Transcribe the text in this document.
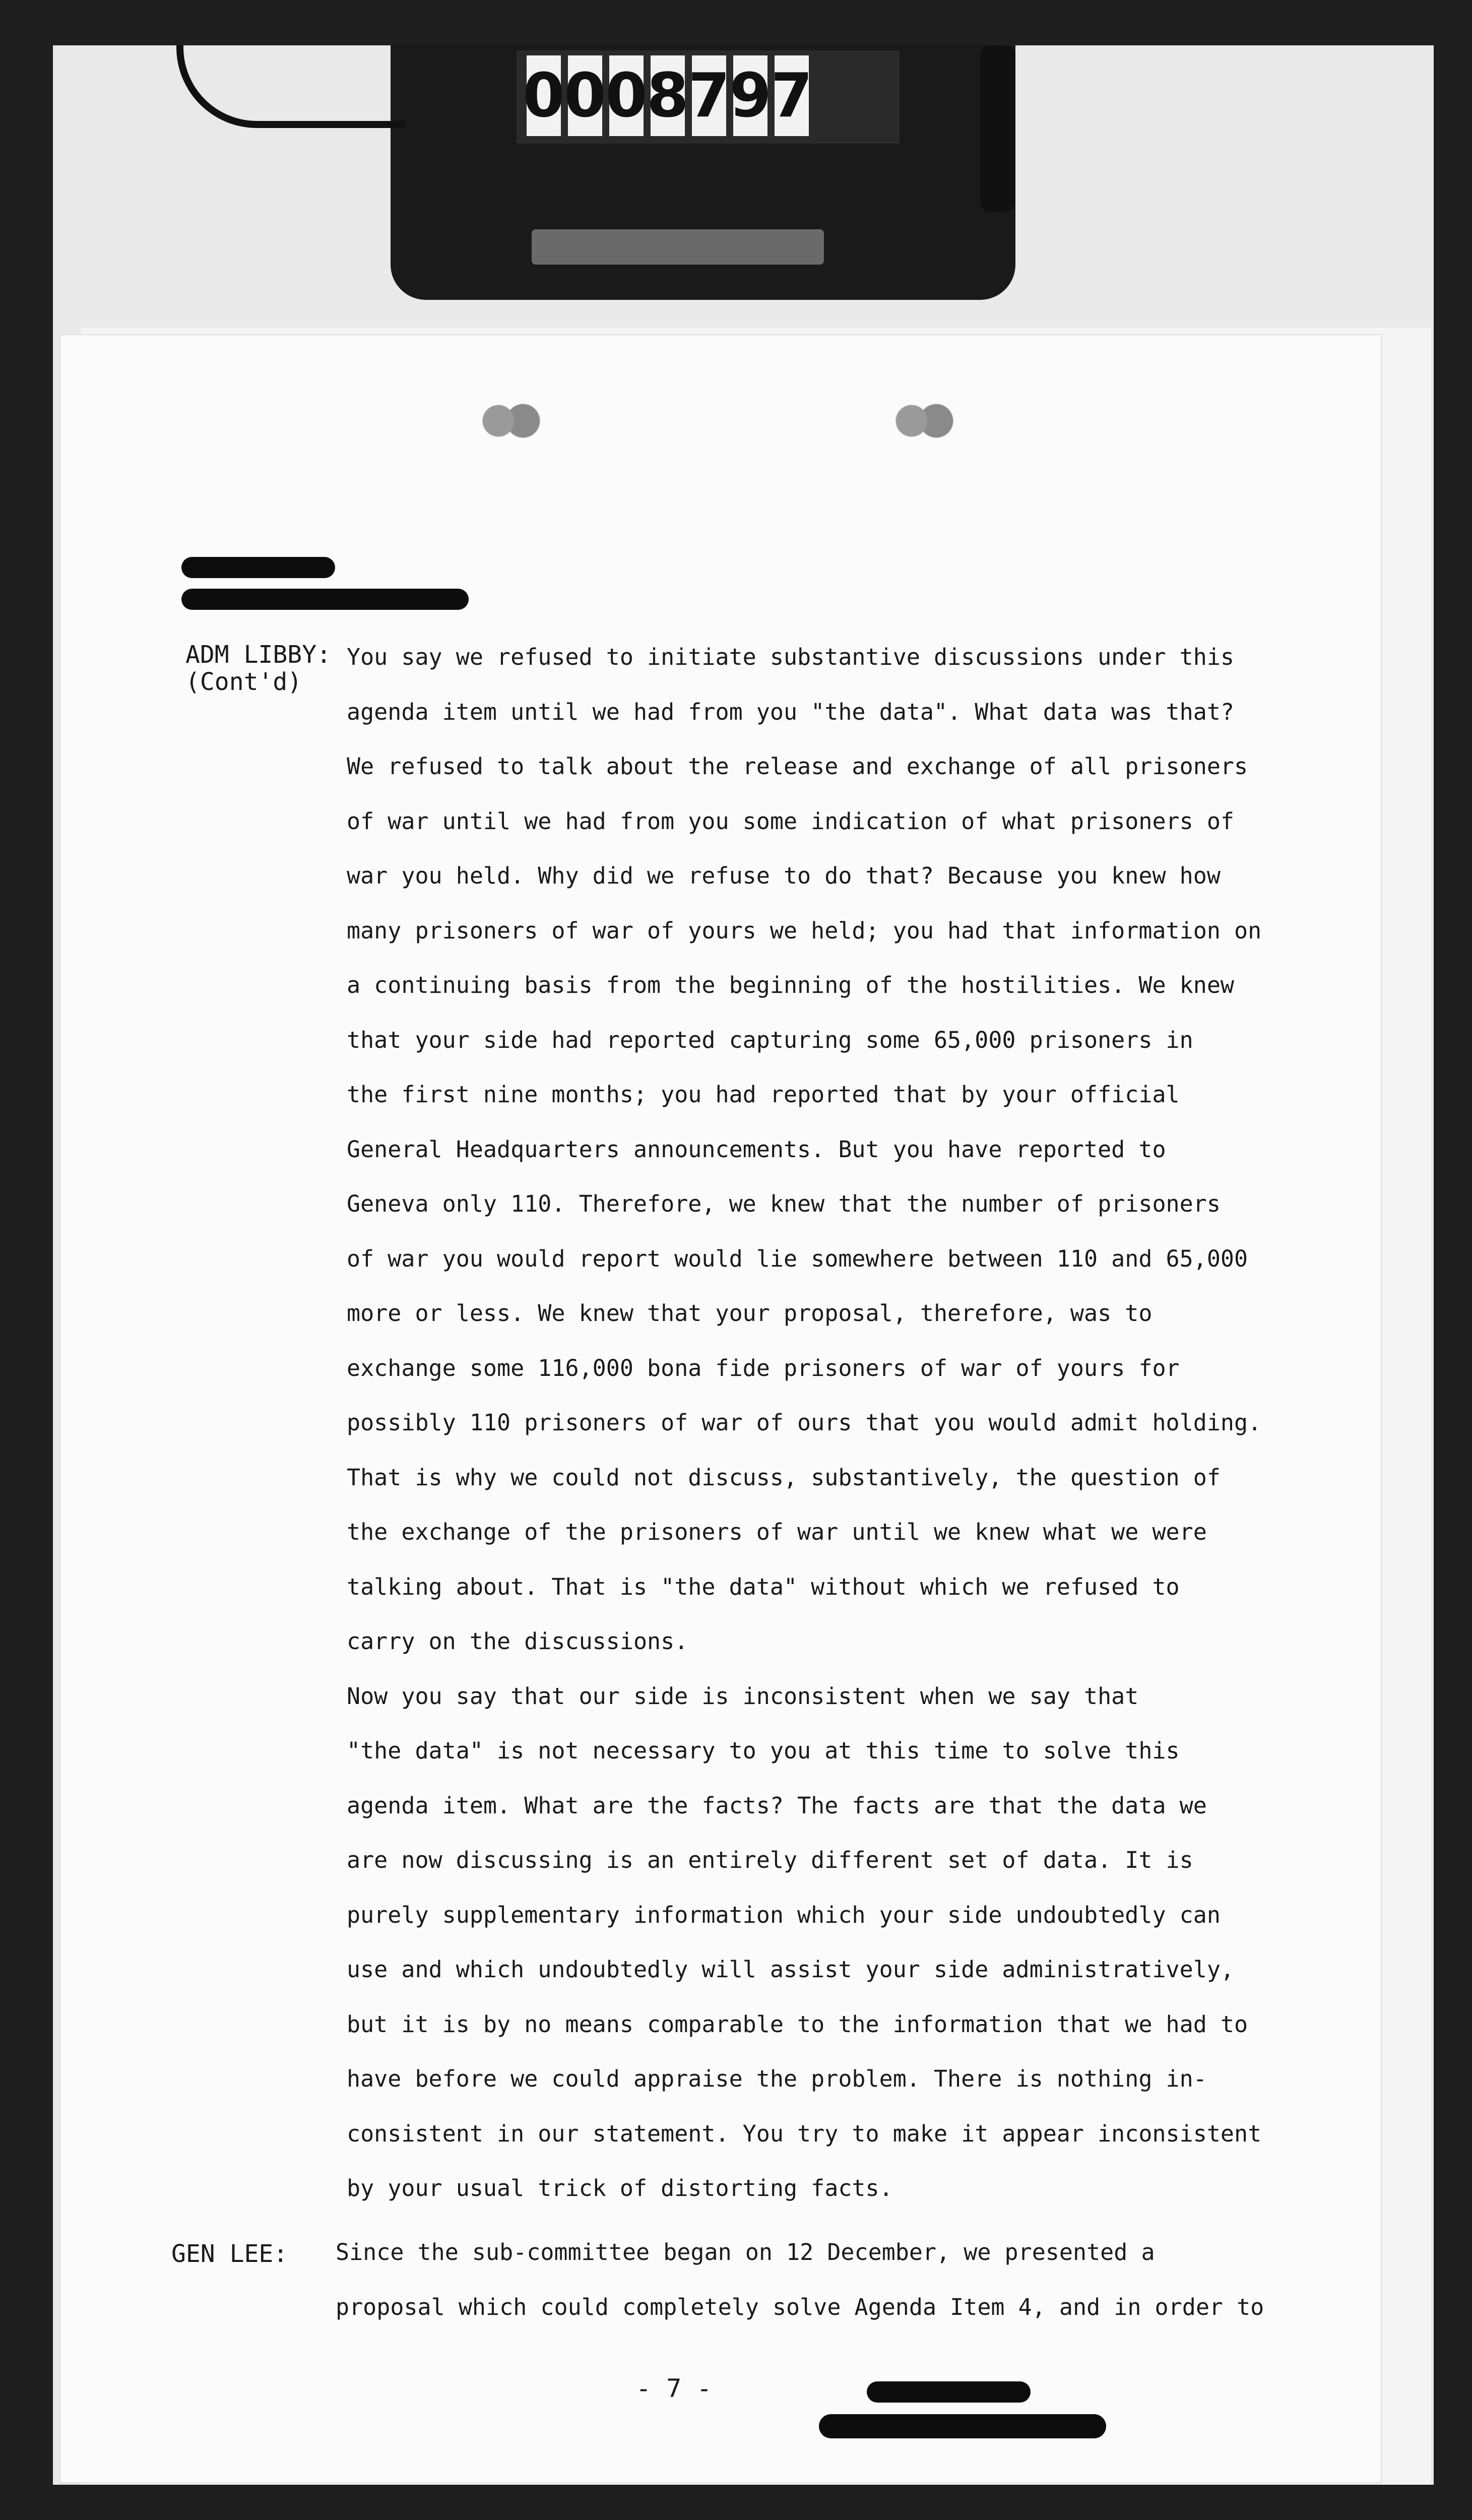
0
0
0
8
7
9
7
ADM LIBBY:
(Cont'd)
You say we refused to initiate substantive discussions under this
agenda item until we had from you "the data". What data was that?
We refused to talk about the release and exchange of all prisoners
of war until we had from you some indication of what prisoners of
war you held. Why did we refuse to do that? Because you knew how
many prisoners of war of yours we held; you had that information on
a continuing basis from the beginning of the hostilities. We knew
that your side had reported capturing some 65,000 prisoners in
the first nine months; you had reported that by your official
General Headquarters announcements. But you have reported to
Geneva only 110. Therefore, we knew that the number of prisoners
of war you would report would lie somewhere between 110 and 65,000
more or less. We knew that your proposal, therefore, was to
exchange some 116,000 bona fide prisoners of war of yours for
possibly 110 prisoners of war of ours that you would admit holding.
That is why we could not discuss, substantively, the question of
the exchange of the prisoners of war until we knew what we were
talking about. That is "the data" without which we refused to
carry on the discussions.
Now you say that our side is inconsistent when we say that
"the data" is not necessary to you at this time to solve this
agenda item. What are the facts? The facts are that the data we
are now discussing is an entirely different set of data. It is
purely supplementary information which your side undoubtedly can
use and which undoubtedly will assist your side administratively,
but it is by no means comparable to the information that we had to
have before we could appraise the problem. There is nothing in-
consistent in our statement. You try to make it appear inconsistent
by your usual trick of distorting facts.
GEN LEE: Since the sub-committee began on 12 December, we presented a
proposal which could completely solve Agenda Item 4, and in order to
- 7 -
